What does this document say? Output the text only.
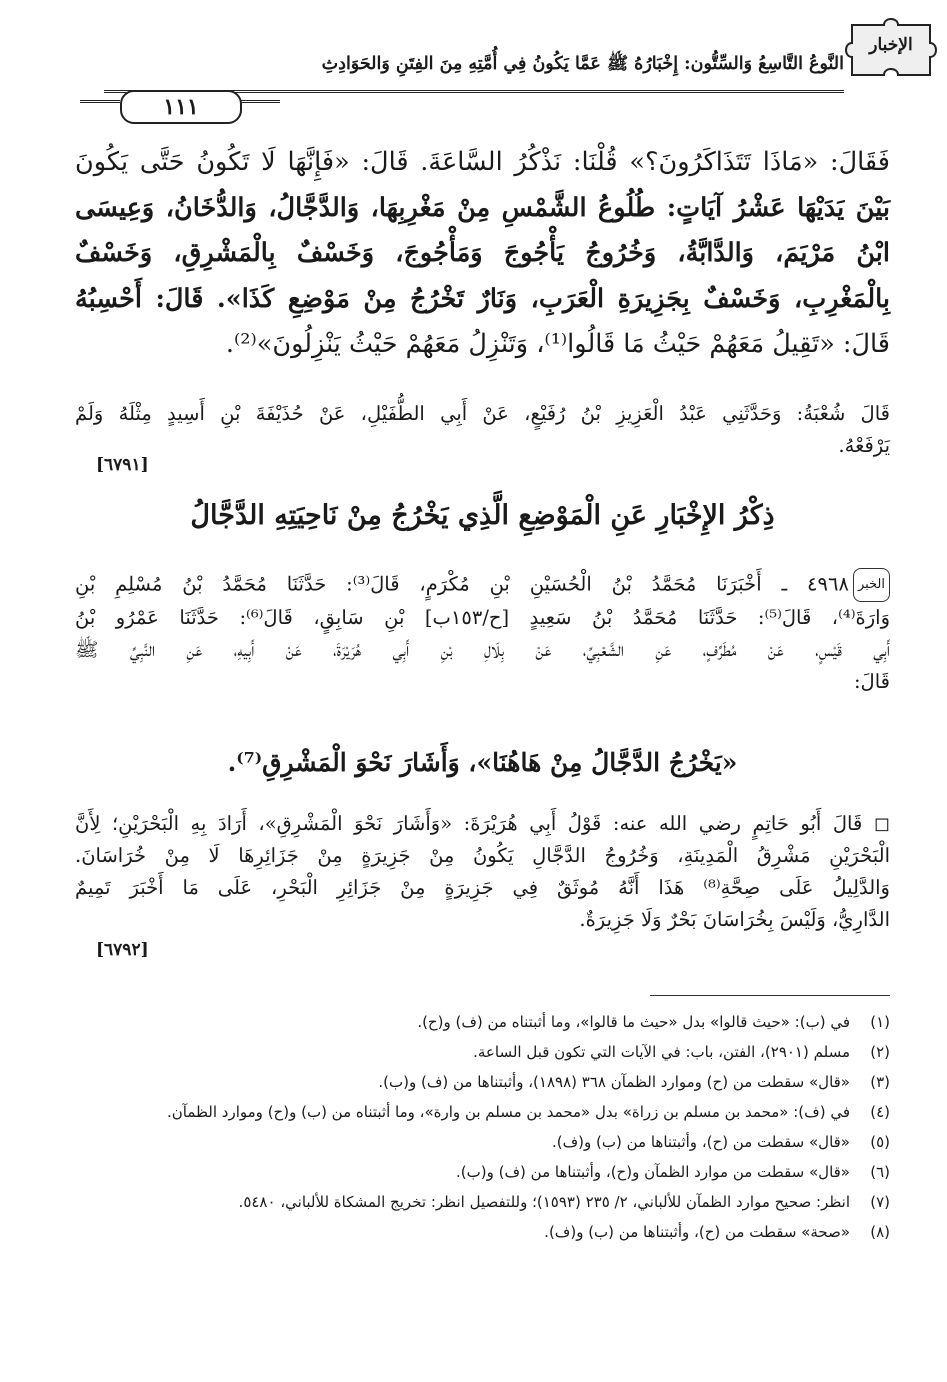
الإخبار
النَّوعُ التَّاسِعُ وَالسِّتُّون: إِخْبَارُهُ ﷺ عَمَّا يَكُونُ فِي أُمَّتِهِ مِنَ الفِتَنِ وَالحَوَادِثِ
١١١
فَقَالَ: «مَاذَا تَتَذَاكَرُونَ؟» قُلْنَا: نَذْكُرُ السَّاعَةَ. قَالَ: «فَإِنَّهَا لَا تَكُونُ حَتَّى يَكُونَ
بَيْنَ يَدَيْهَا عَشْرُ آيَاتٍ: طُلُوعُ الشَّمْسِ مِنْ مَغْرِبِهَا، وَالدَّجَّالُ، وَالدُّخَانُ، وَعِيسَى
ابْنُ مَرْيَمَ، وَالدَّابَّةُ، وَخُرُوجُ يَأْجُوجَ وَمَأْجُوجَ، وَخَسْفٌ بِالْمَشْرِقِ، وَخَسْفٌ
بِالْمَغْرِبِ، وَخَسْفٌ بِجَزِيرَةِ الْعَرَبِ، وَنَارٌ تَخْرُجُ مِنْ مَوْضِعِ كَذَا». قَالَ: أَحْسِبُهُ
قَالَ: «تَقِيلُ مَعَهُمْ حَيْثُ مَا قَالُوا⁽¹⁾، وَتَنْزِلُ مَعَهُمْ حَيْثُ يَنْزِلُونَ»⁽²⁾.
قَالَ شُعْبَةُ: وَحَدَّثَنِي عَبْدُ الْعَزِيزِ بْنُ رُفَيْعٍ، عَنْ أَبِي الطُّفَيْلِ، عَنْ حُذَيْفَةَ بْنِ أَسِيدٍ مِثْلَهُ وَلَمْ
يَرْفَعْهُ.
[٦٧٩١]
ذِكْرُ الإِخْبَارِ عَنِ الْمَوْضِعِ الَّذِي يَخْرُجُ مِنْ نَاحِيَتِهِ الدَّجَّالُ
الخبر٤٩٦٨ ـ أَخْبَرَنَا مُحَمَّدُ بْنُ الْحُسَيْنِ بْنِ مُكْرَمٍ، قَالَ⁽³⁾: حَدَّثَنَا مُحَمَّدُ بْنُ مُسْلِمِ بْنِ
وَارَةَ⁽⁴⁾، قَالَ⁽⁵⁾: حَدَّثَنَا مُحَمَّدُ بْنُ سَعِيدٍ [ح/١٥٣ب] بْنِ سَابِقٍ، قَالَ⁽⁶⁾: حَدَّثَنَا عَمْرُو بْنُ
أَبِي قَيْسٍ، عَنْ مُطَرِّفٍ، عَنِ الشَّعْبِيِّ، عَنْ بِلَالِ بْنِ أَبِي هُرَيْرَةَ، عَنْ أَبِيهِ، عَنِ النَّبِيِّ ﷺ
قَالَ:
«يَخْرُجُ الدَّجَّالُ مِنْ هَاهُنَا»، وَأَشَارَ نَحْوَ الْمَشْرِقِ⁽⁷⁾.
◻ قَالَ أَبُو حَاتِمٍ رضي الله عنه: قَوْلُ أَبِي هُرَيْرَةَ: «وَأَشَارَ نَحْوَ الْمَشْرِقِ»، أَرَادَ بِهِ الْبَحْرَيْنِ؛ لِأَنَّ
الْبَحْرَيْنِ مَشْرِقُ الْمَدِينَةِ، وَخُرُوجُ الدَّجَّالِ يَكُونُ مِنْ جَزِيرَةٍ مِنْ جَزَائِرِهَا لَا مِنْ خُرَاسَانَ.
وَالدَّلِيلُ عَلَى صِحَّةِ⁽⁸⁾ هَذَا أَنَّهُ مُوثَقٌ فِي جَزِيرَةٍ مِنْ جَزَائِرِ الْبَحْرِ، عَلَى مَا أَخْبَرَ تَمِيمٌ
الدَّارِيُّ، وَلَيْسَ بِخُرَاسَانَ بَحْرٌ وَلَا جَزِيرَةٌ.
[٦٧٩٢]
(١)
في (ب): «حيث قالوا» بدل «حيث ما قالوا»، وما أثبتناه من (ف) و(ح).
(٢)
مسلم (٢٩٠١)، الفتن، باب: في الآيات التي تكون قبل الساعة.
(٣)
«قال» سقطت من (ح) وموارد الظمآن ٣٦٨ (١٨٩٨)، وأثبتناها من (ف) و(ب).
(٤)
في (ف): «محمد بن مسلم بن زراة» بدل «محمد بن مسلم بن وارة»، وما أثبتناه من (ب) و(ح) وموارد الظمآن.
(٥)
«قال» سقطت من (ح)، وأثبتناها من (ب) و(ف).
(٦)
«قال» سقطت من موارد الظمآن و(ح)، وأثبتناها من (ف) و(ب).
(٧)
انظر: صحيح موارد الظمآن للألباني، ٢/ ٢٣٥ (١٥٩٣)؛ وللتفصيل انظر: تخريج المشكاة للألباني، ٥٤٨٠.
(٨)
«صحة» سقطت من (ح)، وأثبتناها من (ب) و(ف).
